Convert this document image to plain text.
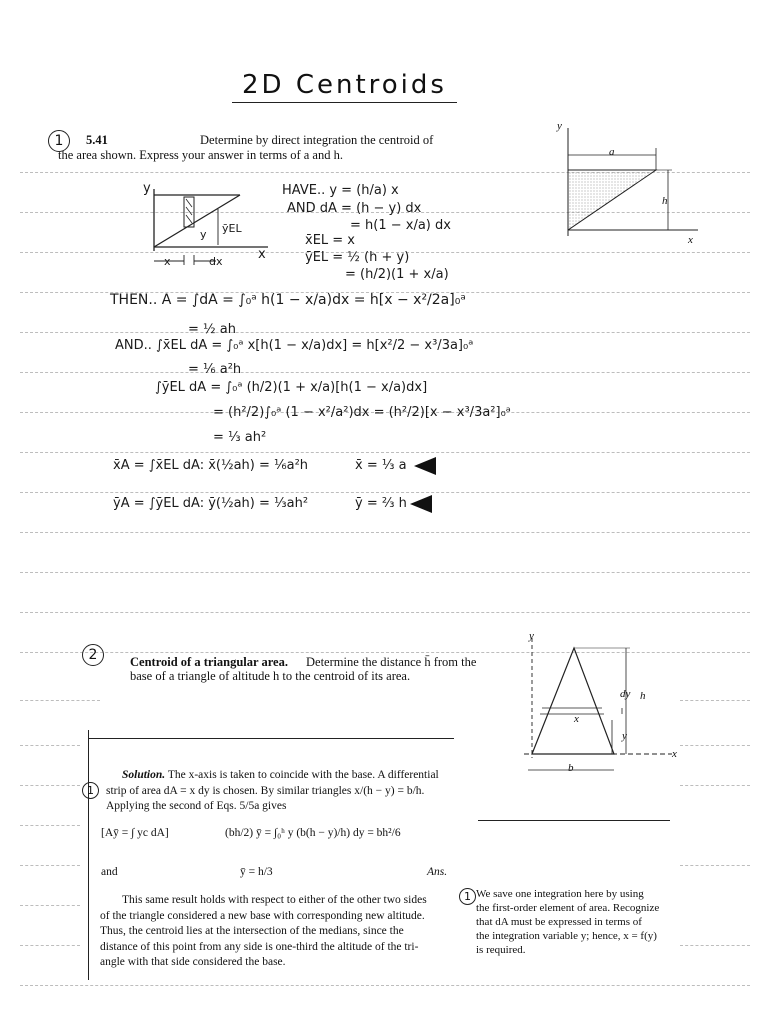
2D Centroids
1	5.41	Determine by direct integration the centroid of
the area shown. Express your answer in terms of a and h.
y
x
a
h
y
x
x	dx
ȳEL
y
HAVE.. y = (h/a) x
AND dA = (h − y) dx
= h(1 − x/a) dx
x̄EL = x
ȳEL = ½ (h + y)
= (h/2)(1 + x/a)
THEN.. A = ∫dA = ∫₀ᵃ h(1 − x/a)dx = h[x − x²/2a]₀ᵃ
= ½ ah
AND.. ∫x̄EL dA = ∫₀ᵃ x[h(1 − x/a)dx] = h[x²/2 − x³/3a]₀ᵃ
= ⅙ a²h
∫ȳEL dA = ∫₀ᵃ (h/2)(1 + x/a)[h(1 − x/a)dx]
= (h²/2)∫₀ᵃ (1 − x²/a²)dx = (h²/2)[x − x³/3a²]₀ᵃ
= ⅓ ah²
x̄A = ∫x̄EL dA: x̄(½ah) = ⅙a²h	x̄ = ⅓ a
ȳA = ∫ȳEL dA: ȳ(½ah) = ⅓ah²	ȳ = ⅔ h
2	Centroid of a triangular area. Determine the distance h̄ from the
base of a triangle of altitude h to the centroid of its area.
y
x
dy h
x
y
b
Solution. The x-axis is taken to coincide with the base. A differential
strip of area dA = x dy is chosen. By similar triangles x/(h − y) = b/h.
Applying the second of Eqs. 5/5a gives
1
[Aȳ = ∫ yc dA]	(bh/2) ȳ = ∫₀ʰ y (b(h − y)/h) dy = bh²/6
and	ȳ = h/3	Ans.
This same result holds with respect to either of the other two sides
of the triangle considered a new base with corresponding new altitude.
Thus, the centroid lies at the intersection of the medians, since the
distance of this point from any side is one-third the altitude of the tri-
angle with that side considered the base.
1 We save one integration here by using
the first-order element of area. Recognize
that dA must be expressed in terms of
the integration variable y; hence, x = f(y)
is required.
